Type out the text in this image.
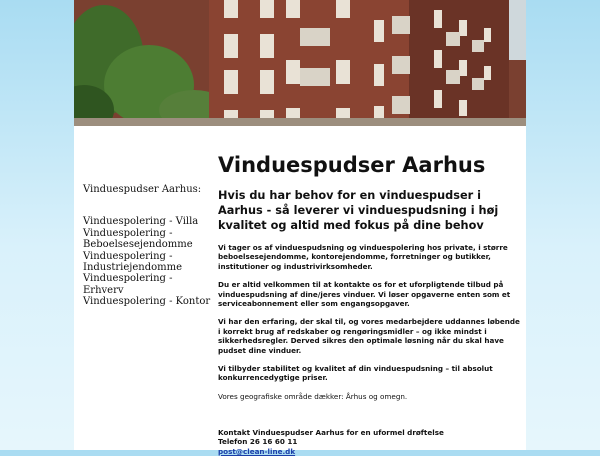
Vinduespudser Aarhus:
Vinduespolering - Villa
Vinduespolering - Beboelsesejendomme
Vinduespolering - Industriejendomme
Vinduespolering - Erhverv
Vinduespolering - Kontor
Vinduespudser Aarhus
Hvis du har behov for en vinduespudser i Aarhus - så leverer vi vinduespudsning i høj kvalitet og altid med fokus på dine behov

Vi tager os af vinduespudsning og vinduespolering hos private, i større beboelsesejendomme, kontorejendomme, forretninger og butikker, institutioner og industrivirksomheder.

Du er altid velkommen til at kontakte os for et uforpligtende tilbud på vinduespudsning af dine/jeres vinduer. Vi løser opgaverne enten som et serviceabonnement eller som engangsopgaver.

Vi har den erfaring, der skal til, og vores medarbejdere uddannes løbende i korrekt brug af redskaber og rengøringsmidler – og ikke mindst i sikkerhedsregler. Derved sikres den optimale løsning når du skal have pudset dine vinduer.

Vi tilbyder stabilitet og kvalitet af din vinduespudsning – til absolut konkurrencedygtige priser.

Vores geografiske område dækker: Århus og omegn.

Kontakt Vinduespudser Aarhus for en uformel drøftelse
Telefon 26 16 60 11
post@clean-line.dk
